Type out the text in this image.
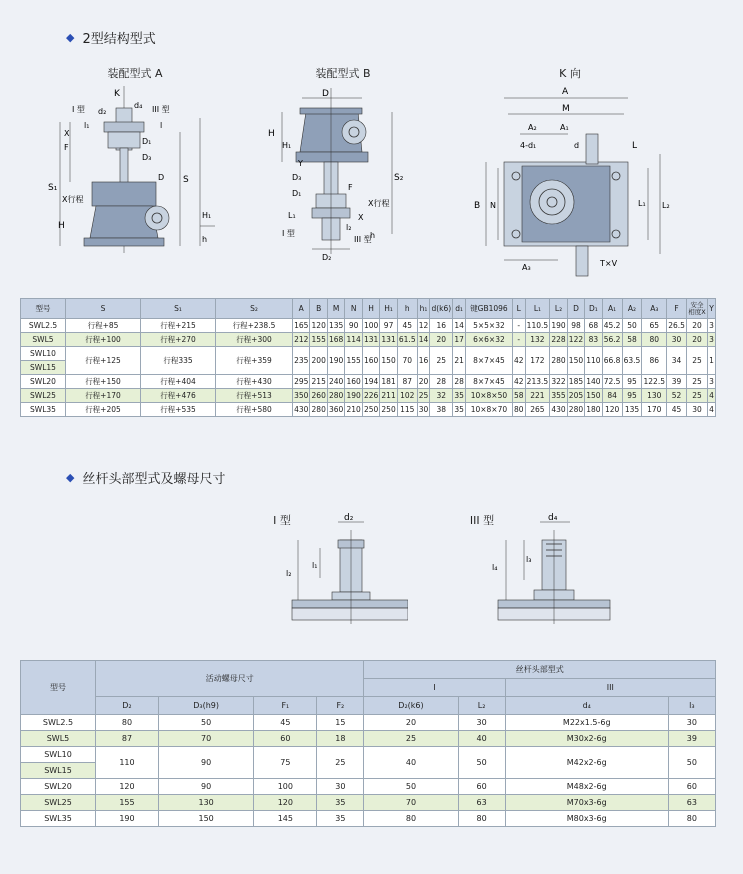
◆ 2型结构型式
装配型式 A	装配型式 B	K 向
K
d₄
d₂
I 型	III 型
X
F
l₁
D₁
D₃
D S
S₁
X行程
H
H₁
h
l
D
H
H₁
Y
D₃
D₁
F
S₂
X行程
X
L₁
l₂
D₂
I 型
III 型
h
A
M
A₂	A₁
4-d₁	d	L
B N	L₁ L₂
A₃	T×V
型号	S	S₁	S₂	A	B	M	N	H	H₁	h	h₁	d(k6)	d₁	键GB1096	L	L₁	L₂	D	D₁	A₁	A₂	A₃	F	安全相度X	Y
SWL2.5	行程+85	行程+215	行程+238.5	165	120	135	90	100	97	45	12	16	14	5×5×32	-	110.5	190	98	68	45.2	50	65	26.5	20	3
SWL5	行程+100	行程+270	行程+300	212	155	168	114	131	131	61.5	14	20	17	6×6×32	-	132	228	122	83	56.2	58	80	30	20	3
SWL10	行程+125	行程335	行程+359	235	200	190	155	160	150	70	16	25	21	8×7×45	42	172	280	150	110	66.8	63.5	86	34	25	1
SWL15																									
SWL20	行程+150	行程+404	行程+430	295	215	240	160	194	181	87	20	28	28	8×7×45	42	213.5	322	185	140	72.5	95	122.5	39	25	3
SWL25	行程+170	行程+476	行程+513	350	260	280	190	226	211	102	25	32	35	10×8×50	58	221	355	205	150	84	95	130	52	25	4
SWL35	行程+205	行程+535	行程+580	430	280	360	210	250	250	115	30	38	35	10×8×70	80	265	430	280	180	120	135	170	45	30	4
◆ 丝杆头部型式及螺母尺寸
I 型	d₂
l₁
l₂
III 型	d₄
l₄
l₃
型号	活动螺母尺寸				丝杆头部型式			
					I		III	
	D₂	D₃(h9)	F₁	F₂	D₂(k6)	L₂	d₄	l₃
SWL2.5	80	50	45	15	20	30	M22x1.5-6g	30
SWL5	87	70	60	18	25	40	M30x2-6g	39
SWL10	110	90	75	25	40	50	M42x2-6g	50
SWL15								
SWL20	120	90	100	30	50	60	M48x2-6g	60
SWL25	155	130	120	35	70	63	M70x3-6g	63
SWL35	190	150	145	35	80	80	M80x3-6g	80
